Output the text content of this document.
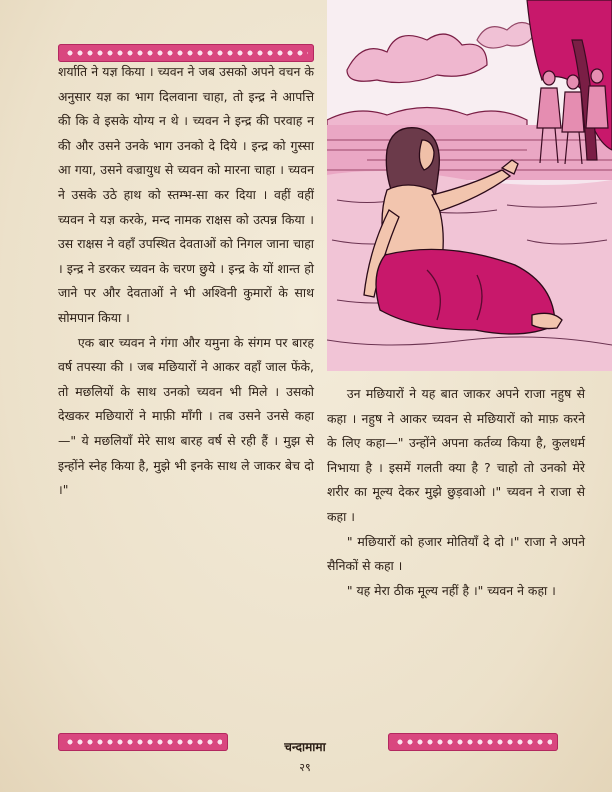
शर्याति ने यज्ञ किया । च्यवन ने जब उसको अपने वचन के अनुसार यज्ञ का भाग दिलवाना चाहा, तो इन्द्र ने आपत्ति की कि वे इसके योग्य न थे । च्यवन ने इन्द्र की परवाह न की और उसने उनके भाग उनको दे दिये । इन्द्र को गुस्सा आ गया, उसने वज्रायुध से च्यवन को मारना चाहा । च्यवन ने उसके उठे हाथ को स्तम्भ-सा कर दिया । वहीं वहीं च्यवन ने यज्ञ करके, मन्द नामक राक्षस को उत्पन्न किया । उस राक्षस ने वहाँ उपस्थित देवताओं को निगल जाना चाहा । इन्द्र ने डरकर च्यवन के चरण छुये । इन्द्र के यों शान्त हो जाने पर और देवताओं ने भी अश्विनी कुमारों के साथ सोमपान किया ।

एक बार च्यवन ने गंगा और यमुना के संगम पर बारह वर्ष तपस्या की । जब मछियारों ने आकर वहाँ जाल फेंके, तो मछलियों के साथ उनको च्यवन भी मिले । उसको देखकर मछियारों ने माफ़ी माँगी । तब उसने उनसे कहा—" ये मछलियाँ मेरे साथ बारह वर्ष से रही हैं । मुझ से इन्होंने स्नेह किया है, मुझे भी इनके साथ ले जाकर बेच दो ।"

उन मछियारों ने यह बात जाकर अपने राजा नहुष से कहा । नहुष ने आकर च्यवन से मछियारों को माफ़ करने के लिए कहा—" उन्होंने अपना कर्तव्य किया है, कुलधर्म निभाया है । इसमें गलती क्या है ? चाहो तो उनको मेरे शरीर का मूल्य देकर मुझे छुड़वाओ ।" च्यवन ने राजा से कहा ।

" मछियारों को हजार मोतियाँ दे दो ।" राजा ने अपने सैनिकों से कहा ।

" यह मेरा ठीक मूल्य नहीं है ।" च्यवन ने कहा ।

चन्दामामा
२९
